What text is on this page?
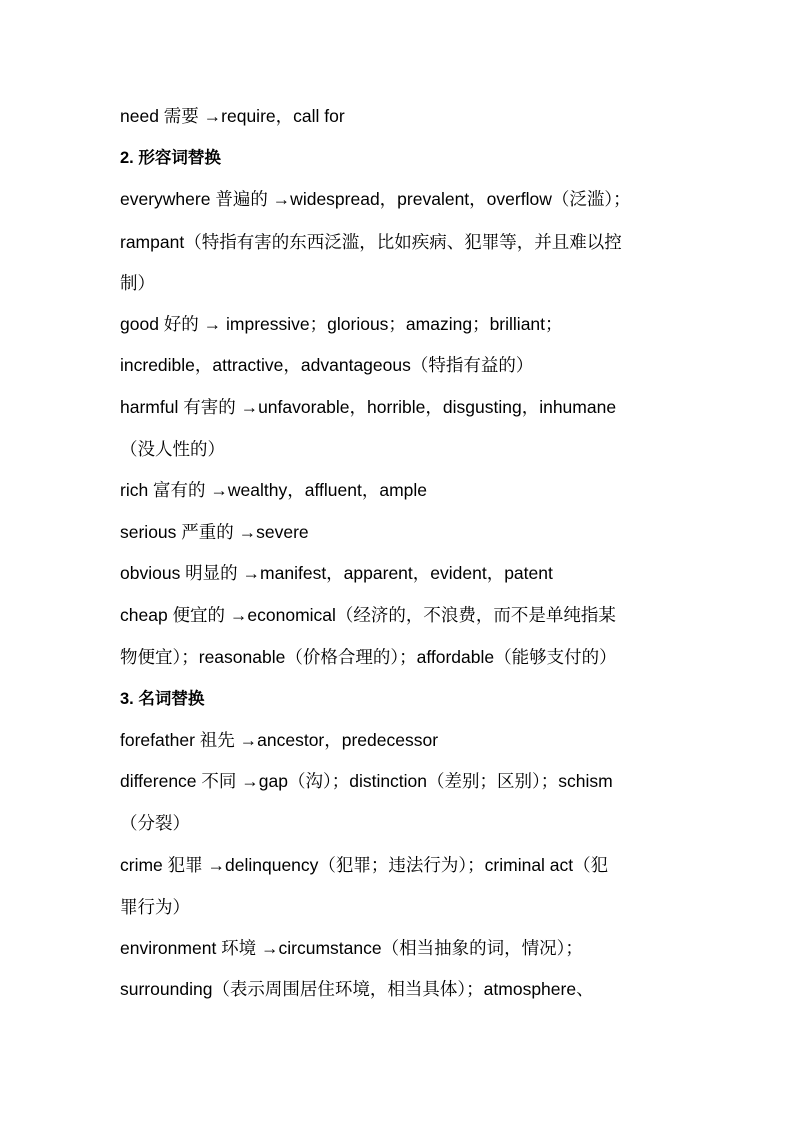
need 需要 →require，call for
2. 形容词替换
everywhere 普遍的 →widespread，prevalent，overflow（泛滥）；
rampant（特指有害的东西泛滥，比如疾病、犯罪等，并且难以控
制）
good 好的 → impressive；glorious；amazing；brilliant；
incredible，attractive，advantageous（特指有益的）
harmful 有害的 →unfavorable，horrible，disgusting，inhumane
（没人性的）
rich 富有的 →wealthy，affluent，ample
serious 严重的 →severe
obvious 明显的 →manifest，apparent，evident，patent
cheap 便宜的 →economical（经济的，不浪费，而不是单纯指某
物便宜）；reasonable（价格合理的）；affordable（能够支付的）
3. 名词替换
forefather 祖先 →ancestor，predecessor
difference 不同 →gap（沟）；distinction（差别；区别）；schism
（分裂）
crime 犯罪 →delinquency（犯罪；违法行为）；criminal act（犯
罪行为）
environment 环境 →circumstance（相当抽象的词，情况）；
surrounding（表示周围居住环境，相当具体）；atmosphere、
